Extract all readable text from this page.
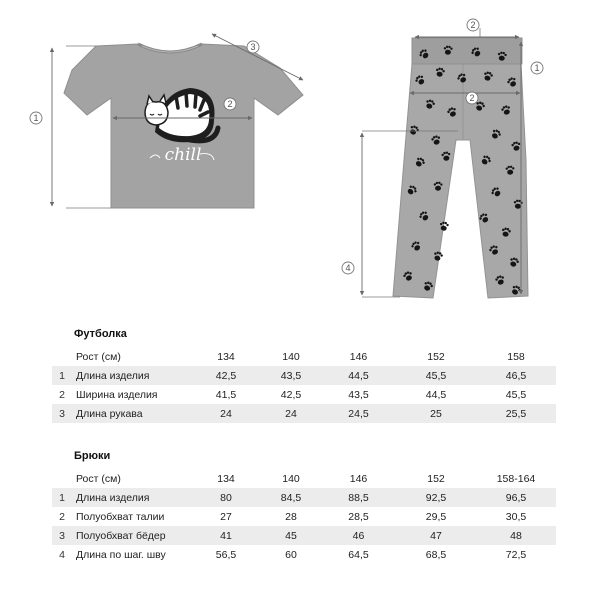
chill
1
2
3
2
1
2
4
Футболка
	Рост (см)	134	140	146	152	158
1	Длина изделия	42,5	43,5	44,5	45,5	46,5
2	Ширина изделия	41,5	42,5	43,5	44,5	45,5
3	Длина рукава	24	24	24,5	25	25,5
Брюки
	Рост (см)	134	140	146	152	158-164
1	Длина изделия	80	84,5	88,5	92,5	96,5
2	Полуобхват талии	27	28	28,5	29,5	30,5
3	Полуобхват бёдер	41	45	46	47	48
4	Длина по шаг. шву	56,5	60	64,5	68,5	72,5
